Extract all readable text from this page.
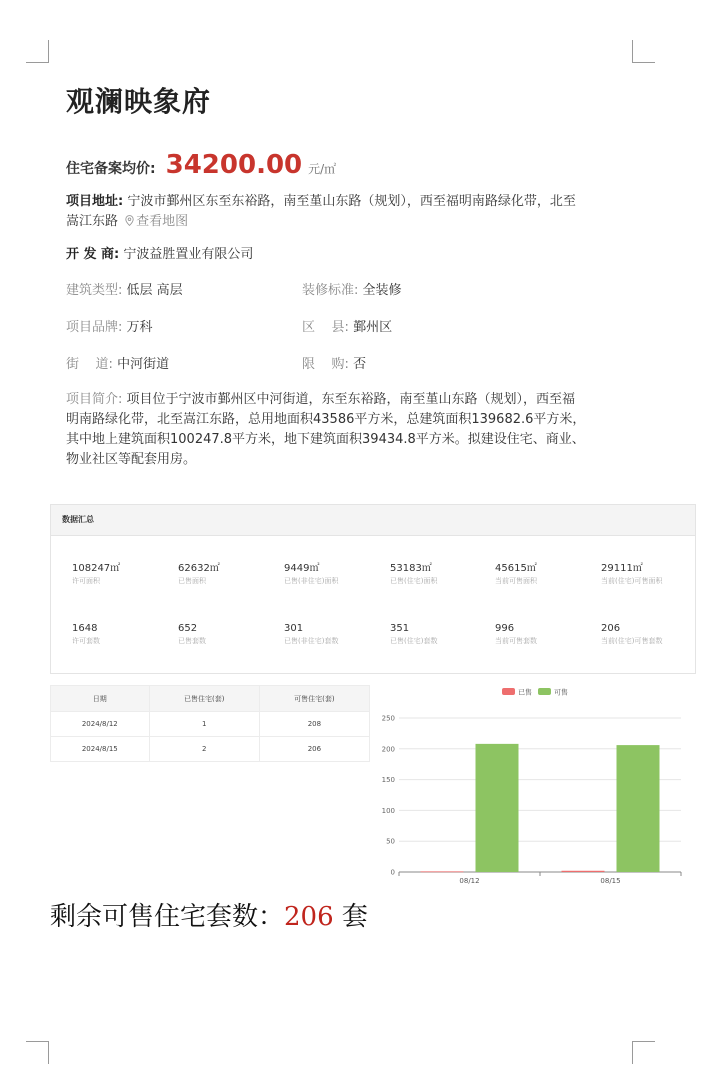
观澜映象府
住宅备案均价: 34200.00 元/㎡
项目地址: 宁波市鄞州区东至东裕路，南至堇山东路（规划），西至福明南路绿化带，北至嵩江东路 查看地图
开 发 商: 宁波益胜置业有限公司
建筑类型: 低层 高层	装修标准: 全装修
项目品牌: 万科	区    县: 鄞州区
街    道: 中河街道	限    购: 否
项目简介: 项目位于宁波市鄞州区中河街道，东至东裕路，南至堇山东路（规划），西至福明南路绿化带，北至嵩江东路，总用地面积43586平方米，总建筑面积139682.6平方米，其中地上建筑面积100247.8平方米，地下建筑面积39434.8平方米。拟建设住宅、商业、物业社区等配套用房。
数据汇总
108247㎡
许可面积
62632㎡
已售面积
9449㎡
已售(非住宅)面积
53183㎡
已售(住宅)面积
45615㎡
当前可售面积
29111㎡
当前(住宅)可售面积
1648
许可套数
652
已售套数
301
已售(非住宅)套数
351
已售(住宅)套数
996
当前可售套数
206
当前(住宅)可售套数
日期	已售住宅(套)	可售住宅(套)
2024/8/12	1	208
2024/8/15	2	206
0
50
100
150
200
250
08/12	08/15
已售	可售
剩余可售住宅套数：206 套
